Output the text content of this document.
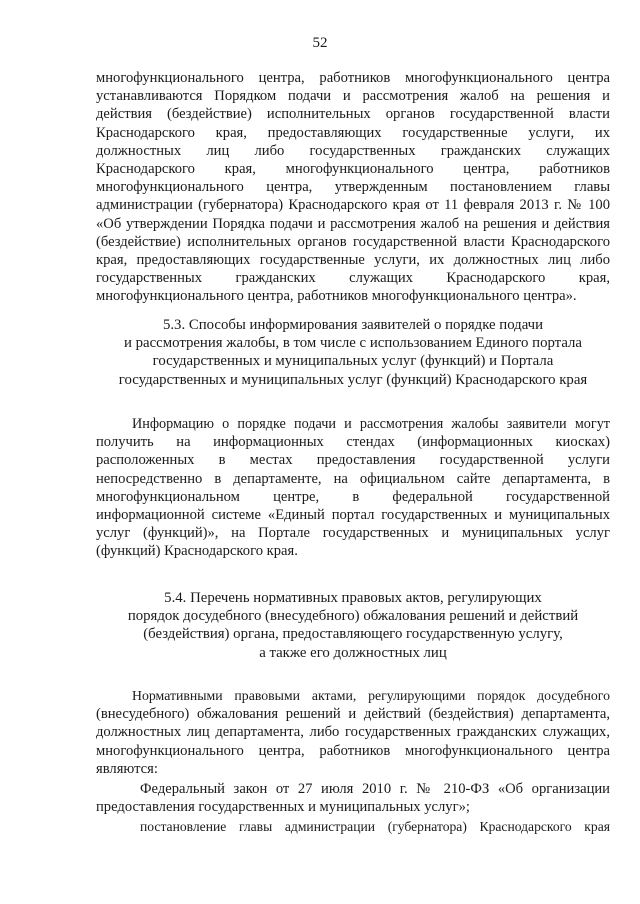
52
многофункционального центра, работников многофункционального центра
устанавливаются Порядком подачи и рассмотрения жалоб на решения и
действия (бездействие) исполнительных органов государственной власти
Краснодарского края, предоставляющих государственные услуги, их
должностных лиц либо государственных гражданских служащих
Краснодарского края, многофункционального центра, работников
многофункционального центра, утвержденным постановлением главы
администрации (губернатора) Краснодарского края от 11 февраля 2013 г. № 100
«Об утверждении Порядка подачи и рассмотрения жалоб на решения и действия
(бездействие) исполнительных органов государственной власти Краснодарского
края, предоставляющих государственные услуги, их должностных лиц либо
государственных гражданских служащих Краснодарского края,
многофункционального центра, работников многофункционального центра».
5.3. Способы информирования заявителей о порядке подачи
и рассмотрения жалобы, в том числе с использованием Единого портала
государственных и муниципальных услуг (функций) и Портала
государственных и муниципальных услуг (функций) Краснодарского края
Информацию о порядке подачи и рассмотрения жалобы заявители могут
получить на информационных стендах (информационных киосках)
расположенных в местах предоставления государственной услуги
непосредственно в департаменте, на официальном сайте департамента, в
многофункциональном центре, в федеральной государственной
информационной системе «Единый портал государственных и муниципальных
услуг (функций)», на Портале государственных и муниципальных услуг
(функций) Краснодарского края.
5.4. Перечень нормативных правовых актов, регулирующих
порядок досудебного (внесудебного) обжалования решений и действий
(бездействия) органа, предоставляющего государственную услугу,
а также его должностных лиц
Нормативными правовыми актами, регулирующими порядок досудебного
(внесудебного) обжалования решений и действий (бездействия) департамента,
должностных лиц департамента, либо государственных гражданских служащих,
многофункционального центра, работников многофункционального центра
являются:
Федеральный закон от 27 июля 2010 г. № 210-ФЗ «Об организации
предоставления государственных и муниципальных услуг»;
постановление главы администрации (губернатора) Краснодарского края
